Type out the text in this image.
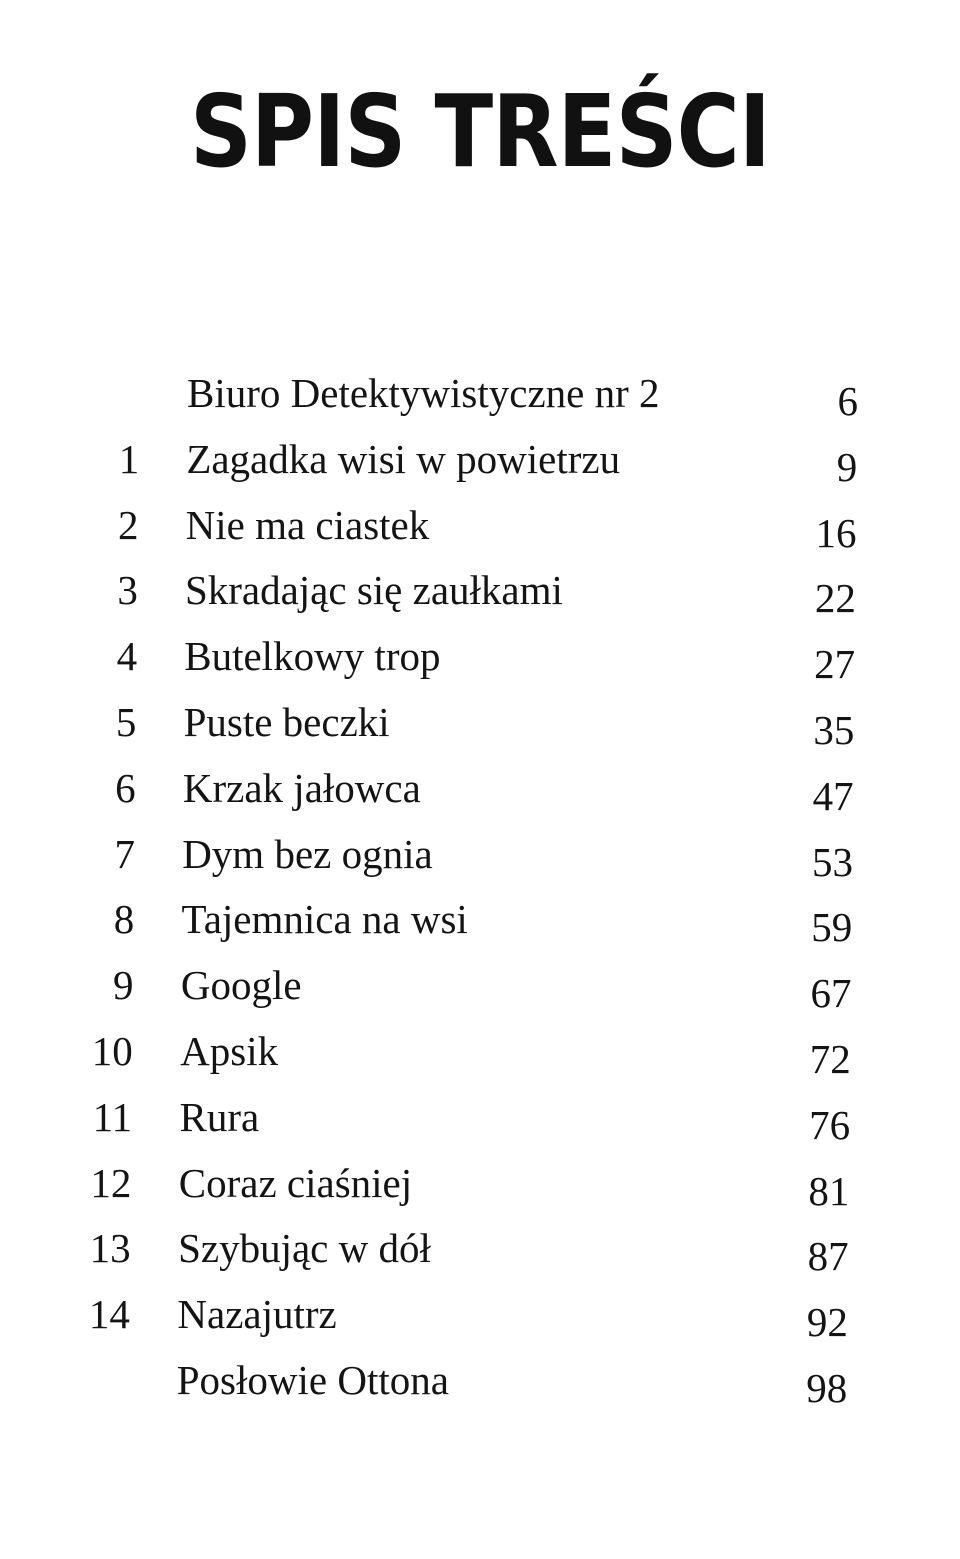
SPIS TREŚCI
Biuro Detektywistyczne nr 2	6
1 Zagadka wisi w powietrzu	9
2 Nie ma ciastek	16
3 Skradając się zaułkami	22
4 Butelkowy trop	27
5 Puste beczki	35
6 Krzak jałowca	47
7 Dym bez ognia	53
8 Tajemnica na wsi	59
9 Google	67
10 Apsik	72
11 Rura	76
12 Coraz ciaśniej	81
13 Szybując w dół	87
14 Nazajutrz	92
Posłowie Ottona	98
